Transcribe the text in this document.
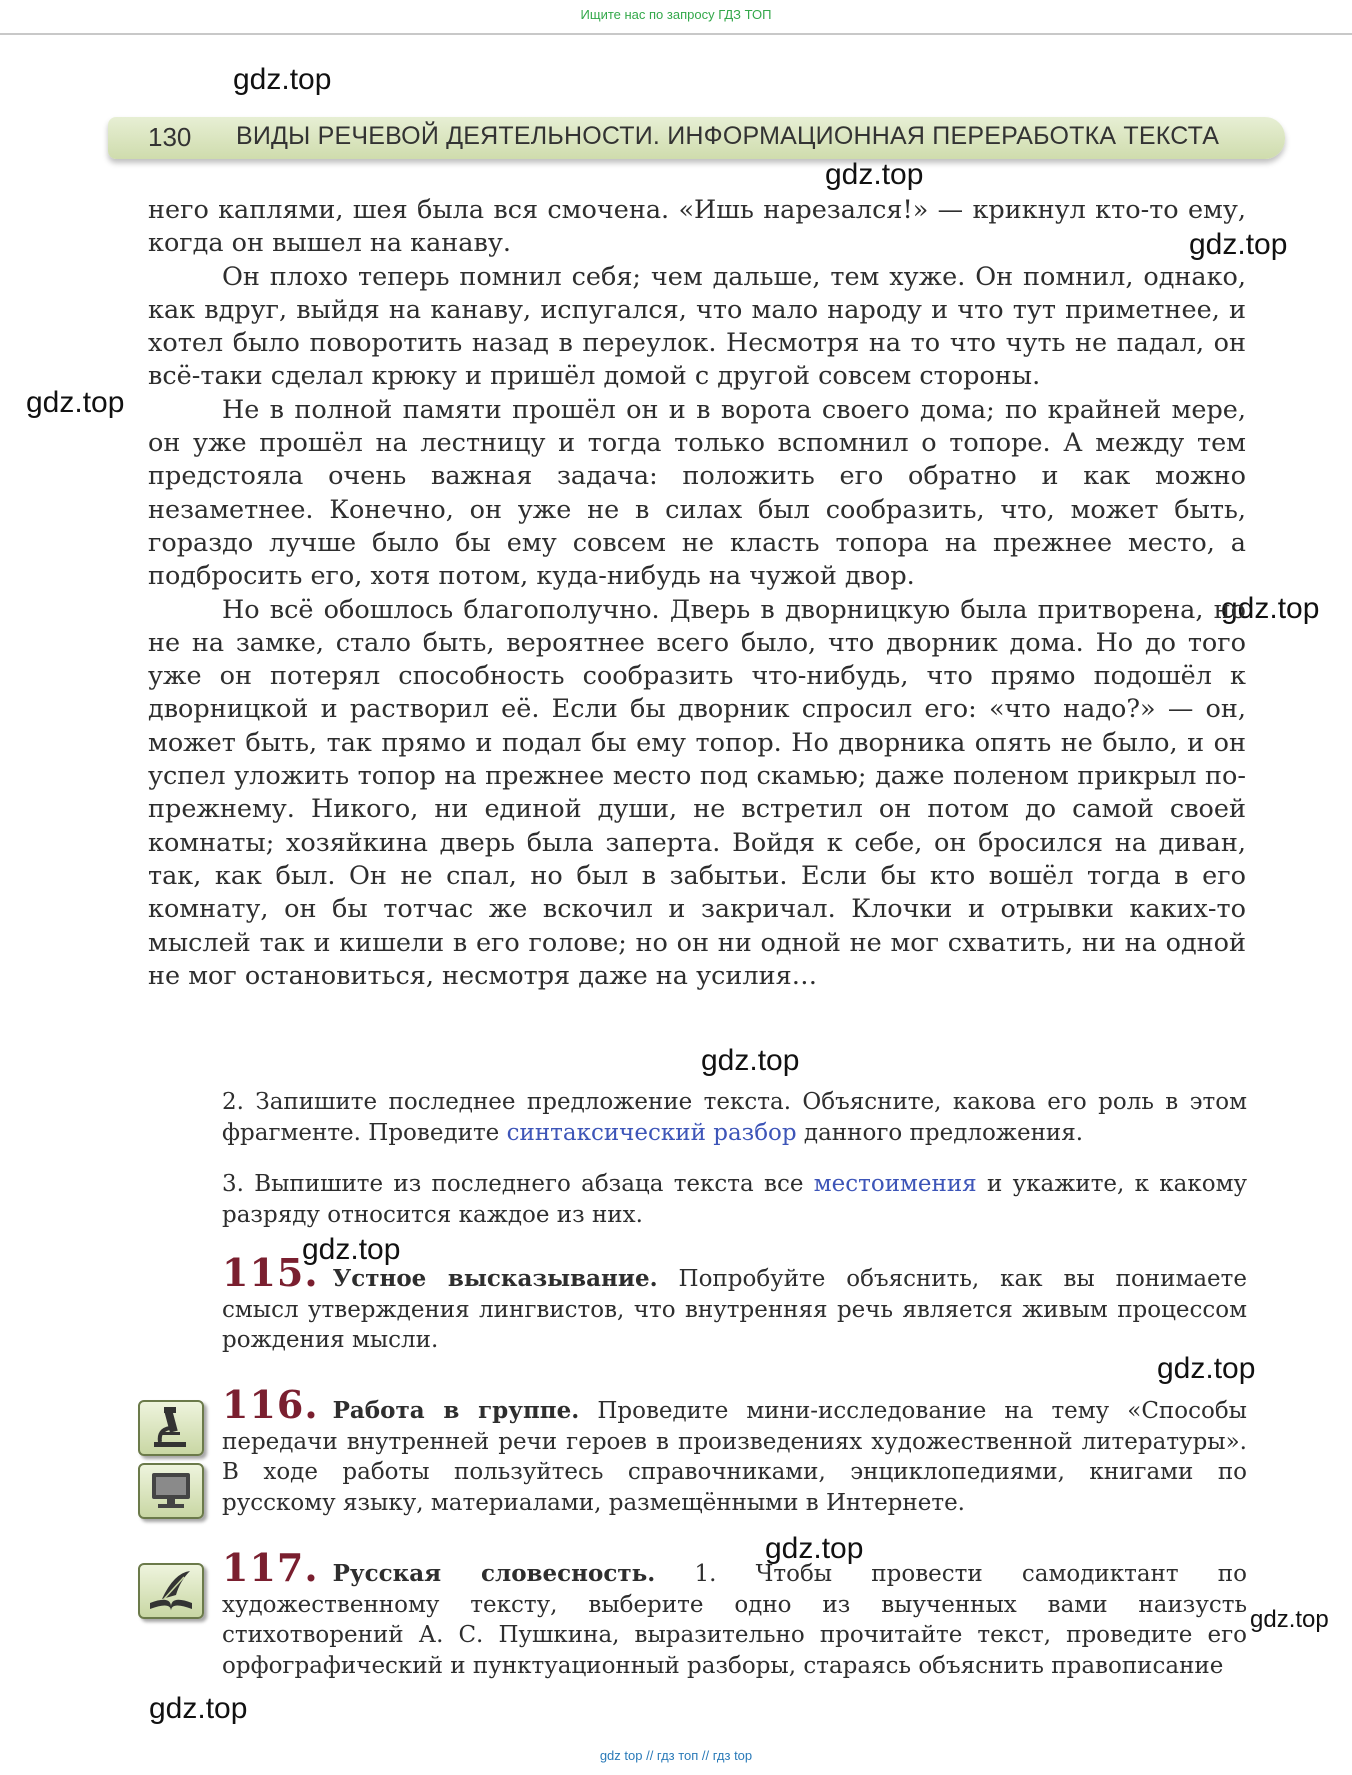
Ищите нас по запросу ГДЗ ТОП
130 ВИДЫ РЕЧЕВОЙ ДЕЯТЕЛЬНОСТИ. ИНФОРМАЦИОННАЯ ПЕРЕРАБОТКА ТЕКСТА
gdz.top
gdz.top
gdz.top
gdz.top
gdz.top
gdz.top
gdz.top
gdz.top
gdz.top
gdz.top
gdz.top

него каплями, шея была вся смочена. «Ишь нарезался!» — крикнул кто-то ему, когда он вышел на канаву.

Он плохо теперь помнил себя; чем дальше, тем хуже. Он помнил, однако, как вдруг, выйдя на канаву, испугался, что мало народу и что тут приметнее, и хотел было поворотить назад в переулок. Несмотря на то что чуть не падал, он всё-таки сделал крюку и пришёл домой с другой совсем стороны.

Не в полной памяти прошёл он и в ворота своего дома; по крайней мере, он уже прошёл на лестницу и тогда только вспомнил о топоре. А между тем предстояла очень важная задача: положить его обратно и как можно незаметнее. Конечно, он уже не в силах был сообразить, что, может быть, гораздо лучше было бы ему совсем не класть топора на прежнее место, а подбросить его, хотя потом, куда-нибудь на чужой двор.

Но всё обошлось благополучно. Дверь в дворницкую была притворена, но не на замке, стало быть, вероятнее всего было, что дворник дома. Но до того уже он потерял способность сообразить что-нибудь, что прямо подошёл к дворницкой и растворил её. Если бы дворник спросил его: «что надо?» — он, может быть, так прямо и подал бы ему топор. Но дворника опять не было, и он успел уложить топор на прежнее место под скамью; даже поленом прикрыл по-прежнему. Никого, ни единой души, не встретил он потом до самой своей комнаты; хозяйкина дверь была заперта. Войдя к себе, он бросился на диван, так, как был. Он не спал, но был в забытьи. Если бы кто вошёл тогда в его комнату, он бы тотчас же вскочил и закричал. Клочки и отрывки каких-то мыслей так и кишели в его голове; но он ни одной не мог схватить, ни на одной не мог остановиться, несмотря даже на усилия…

2. Запишите последнее предложение текста. Объясните, какова его роль в этом фрагменте. Проведите синтаксический разбор данного предложения.
3. Выпишите из последнего абзаца текста все местоимения и укажите, к какому разряду относится каждое из них.
115. Устное высказывание. Попробуйте объяснить, как вы понимаете смысл утверждения лингвистов, что внутренняя речь является живым процессом рождения мысли.
116. Работа в группе. Проведите мини-исследование на тему «Способы передачи внутренней речи героев в произведениях художественной литературы». В ходе работы пользуйтесь справочниками, энциклопедиями, книгами по русскому языку, материалами, размещёнными в Интернете.
117. Русская словесность. 1. Чтобы провести самодиктант по художественному тексту, выберите одно из выученных вами наизусть стихотворений А. С. Пушкина, выразительно прочитайте текст, проведите его орфографический и пунктуационный разборы, стараясь объяснить правописание
gdz top // гдз топ // гдз top
